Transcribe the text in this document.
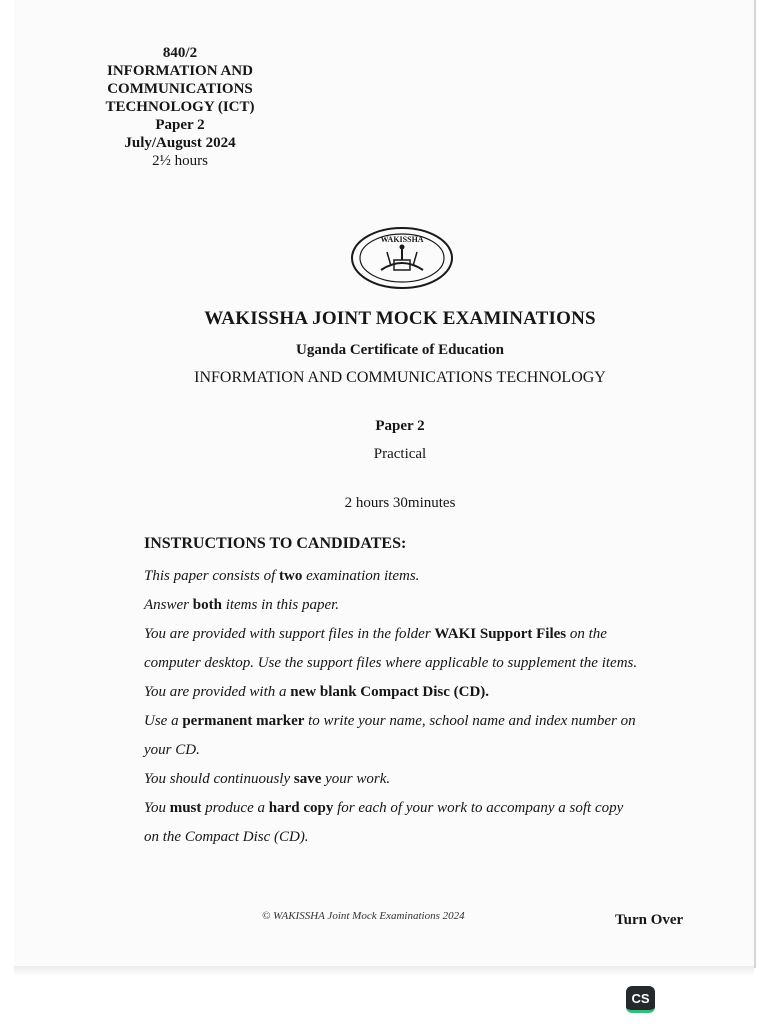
840/2
INFORMATION AND
COMMUNICATIONS
TECHNOLOGY (ICT)
Paper 2
July/August 2024
2½ hours
WAKISSHA
WAKISSHA JOINT MOCK EXAMINATIONS
Uganda Certificate of Education
INFORMATION AND COMMUNICATIONS TECHNOLOGY
Paper 2
Practical
2 hours 30minutes
INSTRUCTIONS TO CANDIDATES:
This paper consists of two examination items.
Answer both items in this paper.
You are provided with support files in the folder WAKI Support Files on the
computer desktop. Use the support files where applicable to supplement the items.
You are provided with a new blank Compact Disc (CD).
Use a permanent marker to write your name, school name and index number on
your CD.
You should continuously save your work.
You must produce a hard copy for each of your work to accompany a soft copy
on the Compact Disc (CD).
© WAKISSHA Joint Mock Examinations 2024	Turn Over
CS
